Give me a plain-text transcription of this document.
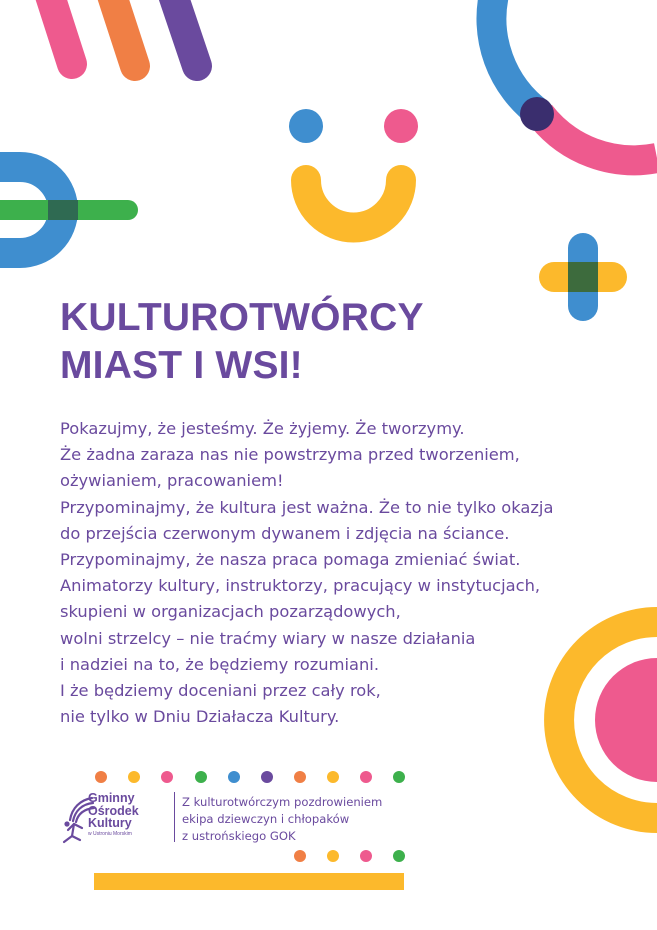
KULTUROTWÓRCY
MIAST I WSI!
Pokazujmy, że jesteśmy. Że żyjemy. Że tworzymy.
Że żadna zaraza nas nie powstrzyma przed tworzeniem,
ożywianiem, pracowaniem!
Przypominajmy, że kultura jest ważna. Że to nie tylko okazja
do przejścia czerwonym dywanem i zdjęcia na ściance.
Przypominajmy, że nasza praca pomaga zmieniać świat.
Animatorzy kultury, instruktorzy, pracujący w instytucjach,
skupieni w organizacjach pozarządowych,
wolni strzelcy – nie traćmy wiary w nasze działania
i nadziei na to, że będziemy rozumiani.
I że będziemy doceniani przez cały rok,
nie tylko w Dniu Działacza Kultury.
Gminny
Ośrodek
Kultury
w Ustroniu Morskim
Z kulturotwórczym pozdrowieniem
ekipa dziewczyn i chłopaków
z ustrońskiego GOK
